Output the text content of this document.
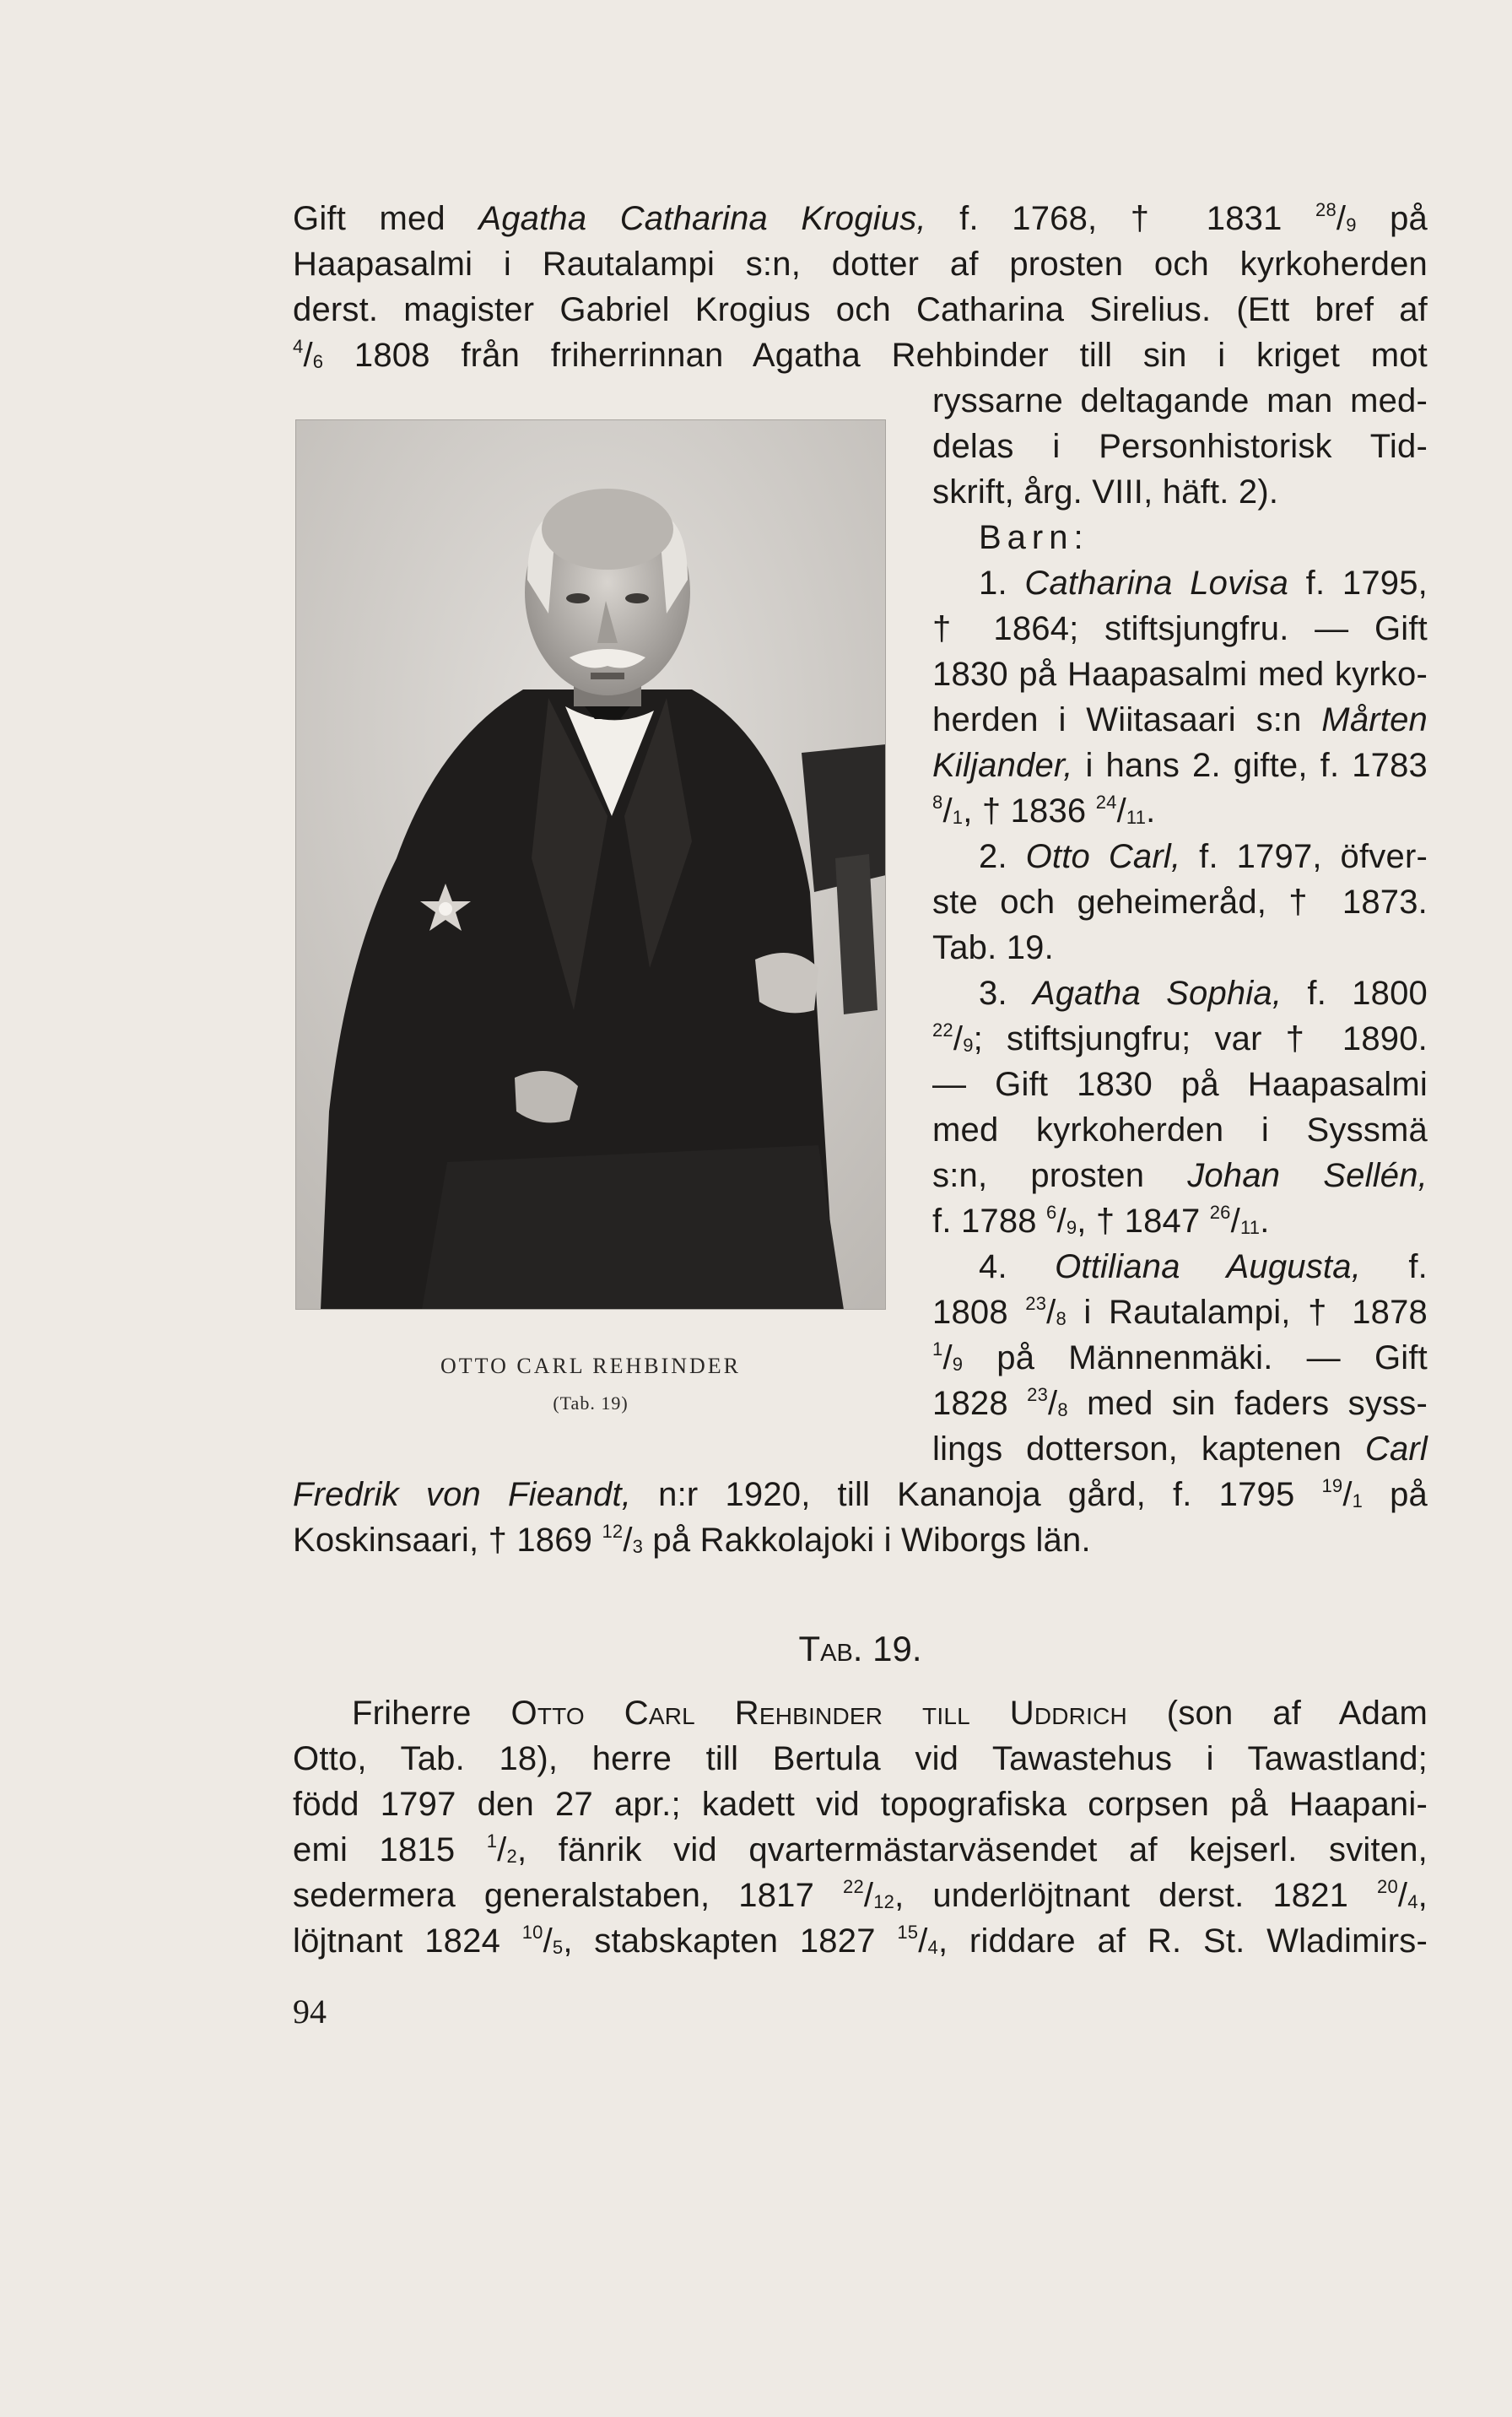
Gift med Agatha Catharina Krogius, f. 1768, † 1831 $^{28}$/9 på
Haapasalmi i Rautalampi s:n, dotter af prosten och kyrkoherden
derst. magister Gabriel Krogius och Catharina Sirelius. (Ett bref af
$^4$/6 1808 från friherrinnan Agatha Rehbinder till sin i kriget mot
ryssarne deltagande man med-
delas i Personhistorisk Tid-
skrift, årg. VIII, häft. 2).
Barn:
1. Catharina Lovisa f. 1795,
† 1864; stiftsjungfru. — Gift
1830 på Haapasalmi med kyrko-
herden i Wiitasaari s:n Mårten
Kiljander, i hans 2. gifte, f. 1783
$^8$/1, † 1836 $^{24}$/11.
2. Otto Carl, f. 1797, öfver-
ste och geheimeråd, † 1873.
Tab. 19.
3. Agatha Sophia, f. 1800
$^{22}$/9; stiftsjungfru; var † 1890.
— Gift 1830 på Haapasalmi
med kyrkoherden i Syssmä
s:n, prosten Johan Sellén,
f. 1788 $^6$/9, † 1847 $^{26}$/11.
4. Ottiliana Augusta, f.
1808 $^{23}$/8 i Rautalampi, † 1878
$^1$/9 på Männenmäki. — Gift
1828 $^{23}$/8 med sin faders syss-
lings dotterson, kaptenen Carl
OTTO CARL REHBINDER
(Tab. 19)
Fredrik von Fieandt, n:r 1920, till Kananoja gård, f. 1795 $^{19}$/1 på
Koskinsaari, † 1869 $^{12}$/3 på Rakkolajoki i Wiborgs län.
Tab. 19.
Friherre Otto Carl Rehbinder till Uddrich (son af Adam
Otto, Tab. 18), herre till Bertula vid Tawastehus i Tawastland;
född 1797 den 27 apr.; kadett vid topografiska corpsen på Haapani-
emi 1815 $^1$/2, fänrik vid qvartermästarväsendet af kejserl. sviten,
sedermera generalstaben, 1817 $^{22}$/12, underlöjtnant derst. 1821 $^{20}$/4,
löjtnant 1824 $^{10}$/5, stabskapten 1827 $^{15}$/4, riddare af R. St. Wladimirs-
94
